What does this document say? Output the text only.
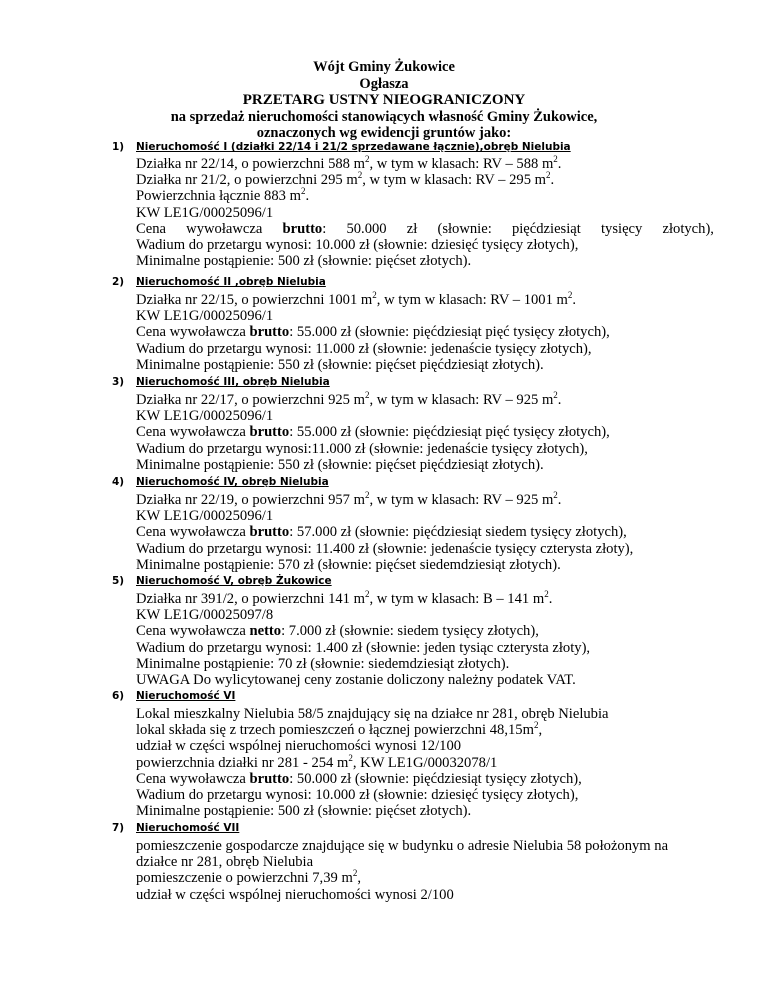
Wójt Gminy Żukowice
Ogłasza
PRZETARG USTNY NIEOGRANICZONY
na sprzedaż nieruchomości stanowiących własność Gminy Żukowice,
oznaczonych wg ewidencji gruntów jako:
1) Nieruchomość I (działki 22/14 i 21/2 sprzedawane łącznie),obręb Nielubia
Działka nr 22/14, o powierzchni 588 $m^2$, w tym w klasach: RV – 588 $m^2$.
Działka nr 21/2, o powierzchni 295 $m^2$, w tym w klasach: RV – 295 $m^2$.
Powierzchnia łącznie 883 $m^2$.
KW LE1G/00025096/1
Cena wywoławcza brutto: 50.000 zł (słownie: pięćdziesiąt tysięcy złotych),
Wadium do przetargu wynosi: 10.000 zł (słownie: dziesięć tysięcy złotych),
Minimalne postąpienie: 500 zł (słownie: pięćset złotych).
2) Nieruchomość II ,obręb Nielubia
Działka nr 22/15, o powierzchni 1001 $m^2$, w tym w klasach: RV – 1001 $m^2$.
KW LE1G/00025096/1
Cena wywoławcza brutto: 55.000 zł (słownie: pięćdziesiąt pięć tysięcy złotych),
Wadium do przetargu wynosi: 11.000 zł (słownie: jedenaście tysięcy złotych),
Minimalne postąpienie: 550 zł (słownie: pięćset pięćdziesiąt złotych).
3) Nieruchomość III, obręb Nielubia
Działka nr 22/17, o powierzchni 925 $m^2$, w tym w klasach: RV – 925 $m^2$.
KW LE1G/00025096/1
Cena wywoławcza brutto: 55.000 zł (słownie: pięćdziesiąt pięć tysięcy złotych),
Wadium do przetargu wynosi:11.000 zł (słownie: jedenaście tysięcy złotych),
Minimalne postąpienie: 550 zł (słownie: pięćset pięćdziesiąt złotych).
4) Nieruchomość IV, obręb Nielubia
Działka nr 22/19, o powierzchni 957 $m^2$, w tym w klasach: RV – 925 $m^2$.
KW LE1G/00025096/1
Cena wywoławcza brutto: 57.000 zł (słownie: pięćdziesiąt siedem tysięcy złotych),
Wadium do przetargu wynosi: 11.400 zł (słownie: jedenaście tysięcy czterysta złoty),
Minimalne postąpienie: 570 zł (słownie: pięćset siedemdziesiąt złotych).
5) Nieruchomość V, obręb Żukowice
Działka nr 391/2, o powierzchni 141 $m^2$, w tym w klasach: B – 141 $m^2$.
KW LE1G/00025097/8
Cena wywoławcza netto: 7.000 zł (słownie: siedem tysięcy złotych),
Wadium do przetargu wynosi: 1.400 zł (słownie: jeden tysiąc czterysta złoty),
Minimalne postąpienie: 70 zł (słownie: siedemdziesiąt złotych).
UWAGA Do wylicytowanej ceny zostanie doliczony należny podatek VAT.
6) Nieruchomość VI
Lokal mieszkalny Nielubia 58/5 znajdujący się na działce nr 281, obręb Nielubia
lokal składa się z trzech pomieszczeń o łącznej powierzchni $48,15m^2$,
udział w części wspólnej nieruchomości wynosi 12/100
powierzchnia działki nr 281 - 254 $m^2$, KW LE1G/00032078/1
Cena wywoławcza brutto: 50.000 zł (słownie: pięćdziesiąt tysięcy złotych),
Wadium do przetargu wynosi: 10.000 zł (słownie: dziesięć tysięcy złotych),
Minimalne postąpienie: 500 zł (słownie: pięćset złotych).
7) Nieruchomość VII
pomieszczenie gospodarcze znajdujące się w budynku o adresie Nielubia 58 położonym na
działce nr 281, obręb Nielubia
pomieszczenie o powierzchni 7,39 $m^2$,
udział w części wspólnej nieruchomości wynosi 2/100
